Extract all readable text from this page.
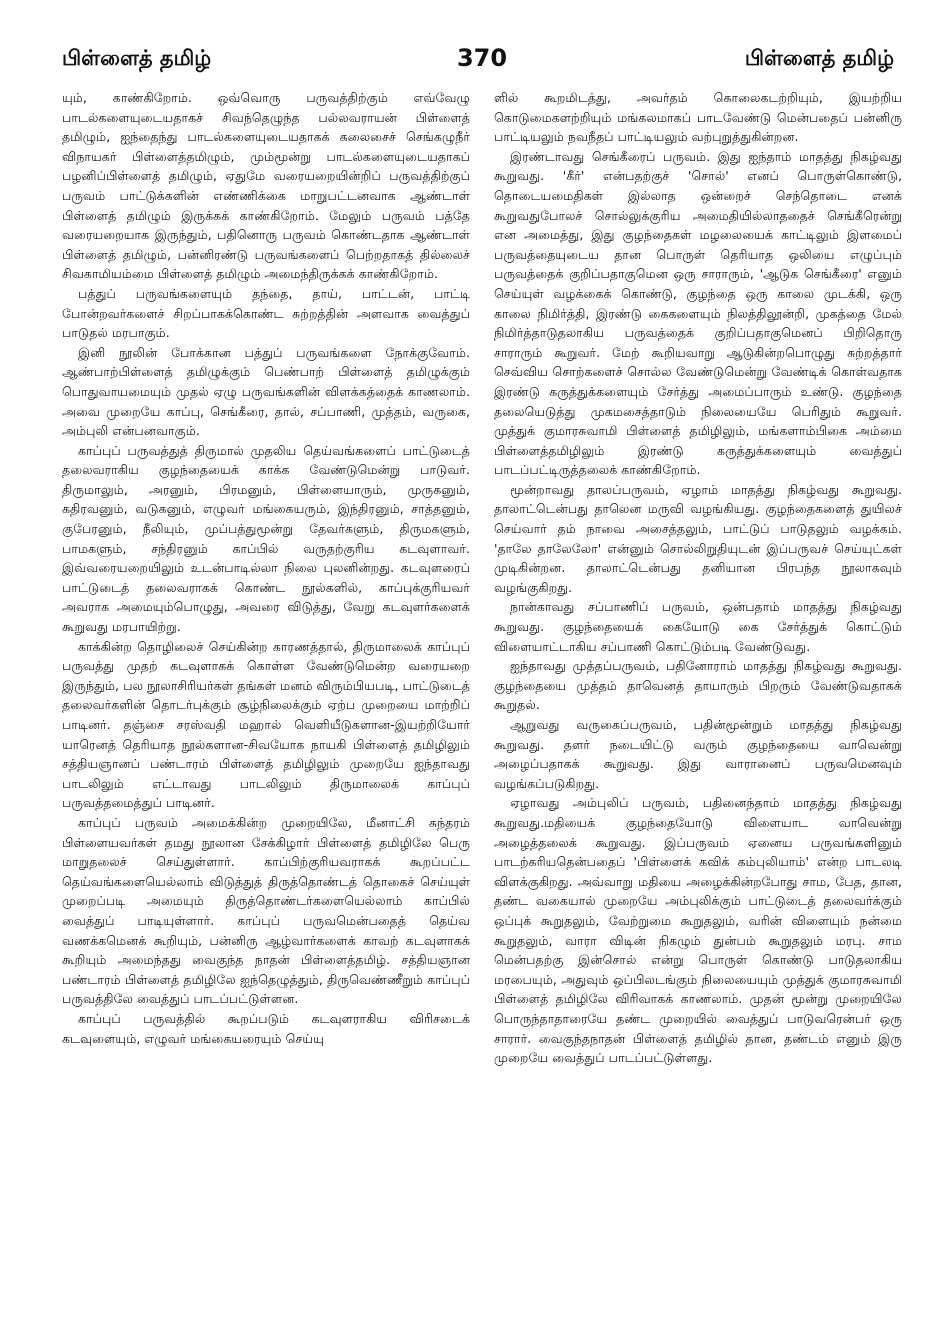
பிள்ளைத் தமிழ்	370	பிள்ளைத் தமிழ்

யும், காண்கிறோம். ஒவ்வொரு பருவத்திற்கும் எவ்வேழு பாடல்களையுடையதாகச் சிவந்தெழுந்த பல்லவராயன் பிள்ளைத் தமிழும், ஐந்தைந்து பாடல்களையுடையதாகக் கலைசைச் செங்கழுநீர் விநாயகர் பிள்ளைத்தமிழும், மும்மூன்று பாடல்களையுடையதாகப் பழனிப்பிள்ளைத் தமிழும், ஏதுமே வரையறையின்றிப் பருவத்திற்குப் பருவம் பாட்டுக்களின் எண்ணிக்கை மாறுபட்டனவாக ஆண்டாள் பிள்ளைத் தமிழும் இருக்கக் காண்கிறோம். மேலும் பருவம் பத்தே வரையறையாக இருந்தும், பதினொரு பருவம் கொண்டதாக ஆண்டாள் பிள்ளைத் தமிழும், பன்னிரண்டு பருவங்களைப் பெற்றதாகத் தில்லைச் சிவகாமியம்மை பிள்ளைத் தமிழும் அமைந்திருக்கக் காண்கிறோம்.

பத்துப் பருவங்களையும் தந்தை, தாய், பாட்டன், பாட்டி போன்றவர்களைச் சிறப்பாகக்கொண்ட சுற்றத்தின் அளவாக வைத்துப் பாடுதல் மரபாகும்.

இனி நூலின் போக்கான பத்துப் பருவங்களை நோக்குவோம். ஆண்பாற்பிள்ளைத் தமிழுக்கும் பெண்பாற் பிள்ளைத் தமிழுக்கும் பொதுவாயமையும் முதல் ஏழு பருவங்களின் விளக்கத்தைக் காணலாம். அவை முறையே காப்பு, செங்கீரை, தால், சப்பாணி, முத்தம், வருகை, அம்புலி என்பனவாகும்.

காப்புப் பருவத்துத் திருமால் முதலிய தெய்வங்களைப் பாட்டுடைத் தலைவராகிய குழந்தையைக் காக்க வேண்டுமென்று பாடுவர். திருமாலும், அரனும், பிரமனும், பிள்ளையாரும், முருகனும், கதிரவனும், வடுகனும், எழுவர் மங்கையரும், இந்திரனும், சாத்தனும், குபேரனும், நீலியும், முப்பத்துமூன்று தேவர்களும், திருமகளும், பாமகளும், சந்திரனும் காப்பில் வருதற்குரிய கடவுளாவர். இவ்வரையறையிலும் உடன்பாடில்லா நிலை புலனின்றது. கடவுளரைப் பாட்டுடைத் தலைவராகக் கொண்ட நூல்களில், காப்புக்குரியவர் அவராக அமையும்பொழுது, அவரை விடுத்து, வேறு கடவுளர்களைக் கூறுவது மரபாயிற்று.

காக்கின்ற தொழிலைச் செய்கின்ற காரணத்தால், திருமாலைக் காப்புப் பருவத்து முதற் கடவுளாகக் கொள்ள வேண்டுமென்ற வரையறை இருந்தும், பல நூலாசிரியர்கள் தங்கள் மனம் விரும்பியபடி, பாட்டுடைத் தலைவர்களின் தொடர்புக்கும் சூழ்நிலைக்கும் ஏற்ப முறையை மாற்றிப் பாடினர். தஞ்சை சரஸ்வதி மஹால் வெளியீடுகளான-இயற்றியோர் யாரெனத் தெரியாத நூல்களான-சிவயோக நாயகி பிள்ளைத் தமிழிலும் சத்தியஞானப் பண்டாரம் பிள்ளைத் தமிழிலும் முறையே ஐந்தாவது பாடலிலும் எட்டாவது பாடலிலும் திருமாலைக் காப்புப் பருவத்தமைத்துப் பாடினர்.

காப்புப் பருவம் அமைக்கின்ற முறையிலே, மீனாட்சி சுந்தரம் பிள்ளையவர்கள் தமது நூலான சேக்கிழார் பிள்ளைத் தமிழிலே பெரு மாறுதலைச் செய்துள்ளார். காப்பிற்குரியவராகக் கூறப்பட்ட தெய்வங்களையெல்லாம் விடுத்துத் திருத்தொண்டத் தொகைச் செய்யுள் முறைப்படி அமையும் திருத்தொண்டர்களையெல்லாம் காப்பில் வைத்துப் பாடியுள்ளார். காப்புப் பருவமென்பதைத் தெய்வ வணக்கமெனக் கூறியும், பன்னிரு ஆழ்வார்களைக் காவற் கடவுளாகக் கூறியும் அமைந்தது வைகுந்த நாதன் பிள்ளைத்தமிழ். சத்தியஞான பண்டாரம் பிள்ளைத் தமிழிலே ஐந்தெழுத்தும், திருவெண்ணீறும் காப்புப் பருவத்திலே வைத்துப் பாடப்பட்டுள்ளன.

காப்புப் பருவத்தில் கூறப்படும் கடவுளராகிய விரிசடைக் கடவுளையும், எழுவர் மங்கையரையும் செய்யு

ளில் கூறமிடத்து, அவர்தம் கொலைகடற்றியும், இயற்றிய கொடுமைகளற்றியும் மங்கலமாகப் பாடவேண்டு மென்பதைப் பன்னிரு பாட்டியலும் நவநீதப் பாட்டியலும் வற்புறுத்துகின்றன.

இரண்டாவது செங்கீரைப் பருவம். இது ஐந்தாம் மாதத்து நிகழ்வது கூறுவது. 'கீர்' என்பதற்குச் 'சொல்' எனப் பொருள்கொண்டு, தொடையமைதிகள் இல்லாத ஒன்றைச் செந்தொடை எனக் கூறுவதுபோலச் சொல்லுக்குரிய அமைதியில்லாததைச் செங்கீரென்று என அமைத்து, இது குழந்தைகள் மழலையைக் காட்டிலும் இளமைப் பருவத்தையுடைய தான பொருள் தெரியாத ஒலியை எழுப்பும் பருவத்தைக் குறிப்பதாகுமென ஒரு சாராரும், 'ஆடுக செங்கீரை' எனும் செய்யுள் வழக்கைக் கொண்டு, குழந்தை ஒரு காலை முடக்கி, ஒரு காலை நிமிர்த்தி, இரண்டு கைகளையும் நிலத்திலூன்றி, முகத்தை மேல் நிமிர்த்தாடுதலாகிய பருவத்தைக் குறிப்பதாகுமெனப் பிறிதொரு சாராரும் கூறுவர். மேற் கூறியவாறு ஆடுகின்றபொழுது சுற்றத்தார் செவ்விய சொற்களைச் சொல்ல வேண்டுமென்று வேண்டிக் கொள்வதாக இரண்டு கருத்துக்களையும் சேர்த்து அமைப்பாரும் உண்டு. குழந்தை தலையெடுத்து முகமசைத்தாடும் நிலையையே பெரிதும் கூறுவர். முத்துக் குமாரசுவாமி பிள்ளைத் தமிழிலும், மங்களாம்பிகை அம்மை பிள்ளைத்தமிழிலும் இரண்டு கருத்துக்களையும் வைத்துப் பாடப்பட்டிருத்தலைக் காண்கிறோம்.

மூன்றாவது தாலப்பருவம், ஏழாம் மாதத்து நிகழ்வது கூறுவது. தாலாட்டென்பது தாலென மருவி வழங்கியது. குழந்தைகளைத் துயிலச் செய்வார் தம் நாவை அசைத்தலும், பாட்டுப் பாடுதலும் வழக்கம். 'தாலே தாலேலோ' என்னும் சொல்லிறுதியுடன் இப்பருவச் செய்யுட்கள் முடிகின்றன. தாலாட்டென்பது தனியான பிரபந்த நூலாகவும் வழங்குகிறது.

நான்காவது சப்பாணிப் பருவம், ஒன்பதாம் மாதத்து நிகழ்வது கூறுவது. குழந்தையைக் கையோடு கை சேர்த்துக் கொட்டும் விளையாட்டாகிய சப்பாணி கொட்டும்படி வேண்டுவது.

ஐந்தாவது முத்தப்பருவம், பதினோராம் மாதத்து நிகழ்வது கூறுவது. குழந்தையை முத்தம் தாவெனத் தாயாரும் பிறரும் வேண்டுவதாகக் கூறுதல்.

ஆறுவது வருகைப்பருவம், பதின்மூன்றும் மாதத்து நிகழ்வது கூறுவது. தளர் நடையிட்டு வரும் குழந்தையை வாவென்று அழைப்பதாகக் கூறுவது. இது வாரானைப் பருவமெனவும் வழங்கப்படுகிறது.

ஏழாவது அம்புலிப் பருவம், பதினைந்தாம் மாதத்து நிகழ்வது கூறுவது.மதியைக் குழந்தையோடு விளையாட வாவென்று அழைத்தலைக் கூறுவது. இப்பருவம் ஏனைய பருவங்களினும் பாடற்கரியதென்பதைப் 'பிள்ளைக் கவிக் கம்புலியாம்' என்ற பாடலடி விளக்குகிறது. அவ்வாறு மதியை அழைக்கின்றபோது சாம, பேத, தான, தண்ட வகையால் முறையே அம்புலிக்கும் பாட்டுடைத் தலைவர்க்கும் ஒப்புக் கூறுதலும், வேற்றுமை கூறுதலும், வரின் விளையும் நன்மை கூறுதலும், வாரா விடின் நிகழும் துன்பம் கூறுதலும் மரபு. சாம மென்பதற்கு இன்சொல் என்று பொருள் கொண்டு பாடுதலாகிய மரபையும், அதுவும் ஒப்பிலடங்கும் நிலையையும் முத்துக் குமாரசுவாமி பிள்ளைத் தமிழிலே விரிவாகக் காணலாம். முதன் மூன்று முறையிலே பொருந்தாதாரையே தண்ட முறையில் வைத்துப் பாடுவரென்பர் ஒரு சாரார். வைகுந்தநாதன் பிள்ளைத் தமிழில் தான, தண்டம் எனும் இரு முறையே வைத்துப் பாடப்பட்டுள்ளது.
